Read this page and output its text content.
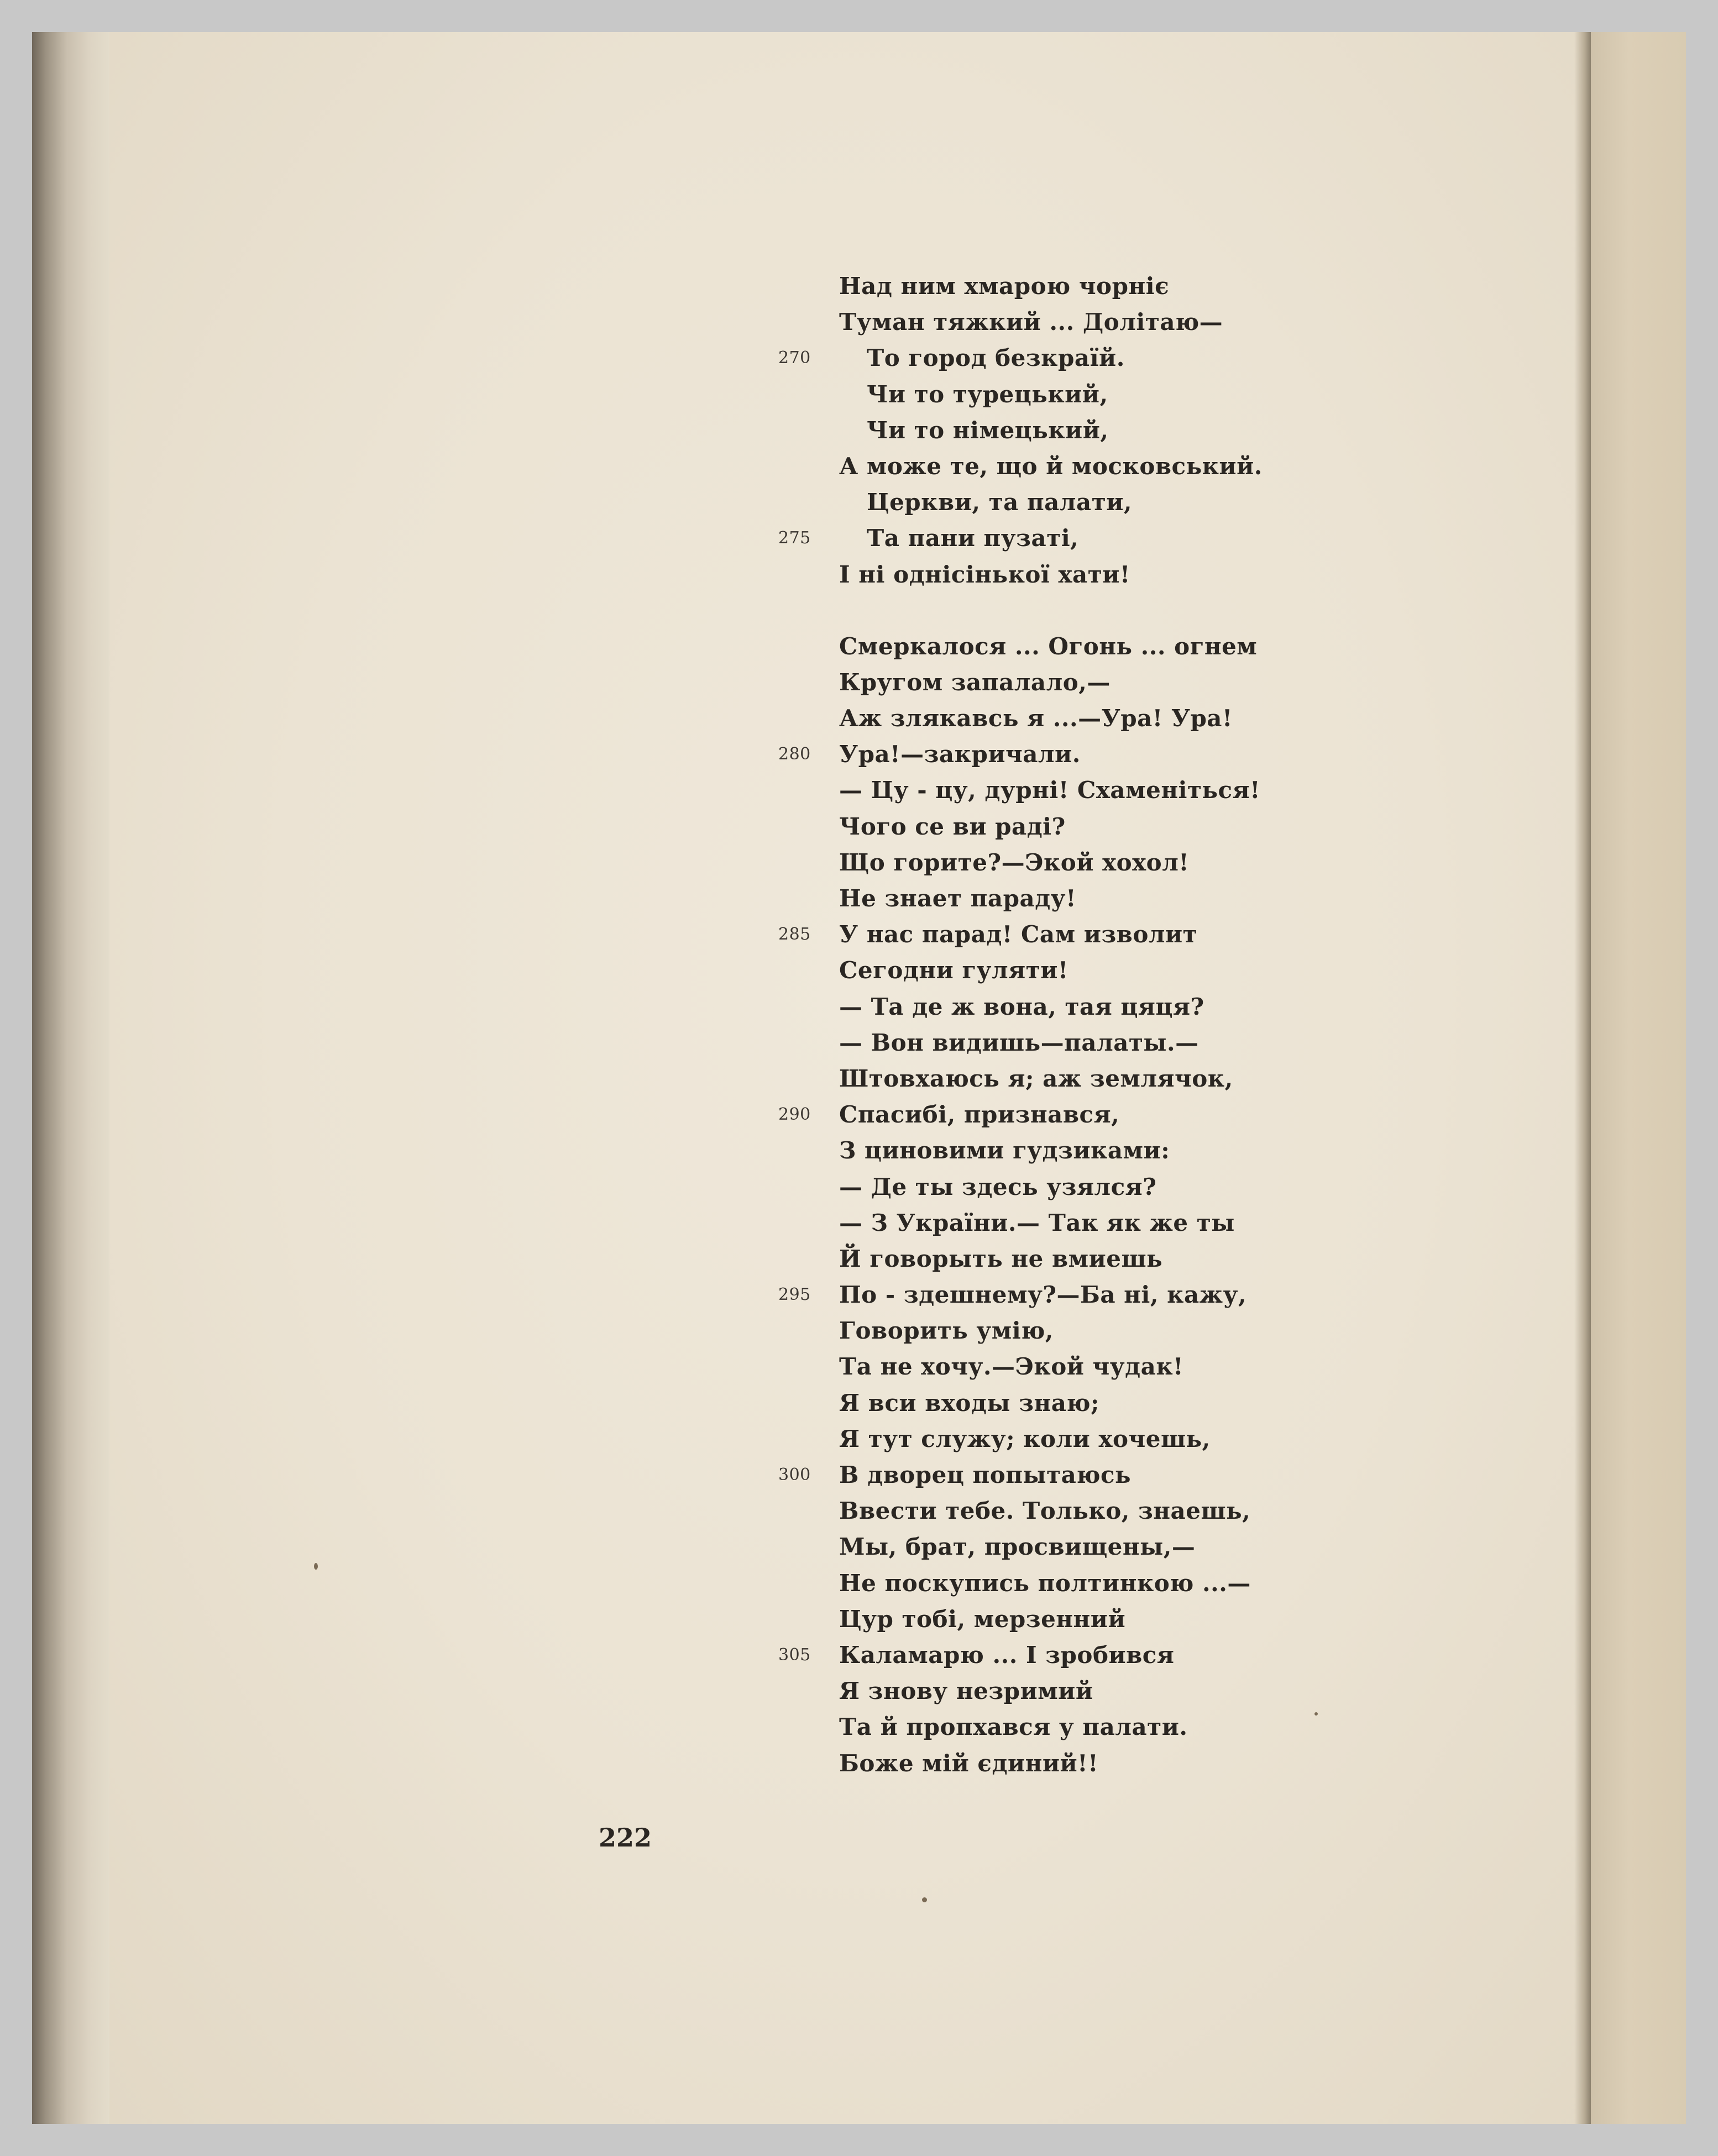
Над ним хмарою чорніє
Туман тяжкий ... Долітаю—
270 То город безкраїй.
Чи то турецький,
Чи то німецький,
А може те, що й московський.
Церкви, та палати,
275 Та пани пузаті,
І ні однісінької хати!
Смеркалося ... Огонь ... огнем
Кругом запалало,—
Аж злякавсь я ...—Ура! Ура!
280 Ура!—закричали.
— Цу - цу, дурні! Схаменіться!
Чого се ви раді?
Що горите?—Экой хохол!
Не знает параду!
285 У нас парад! Сам изволит
Сегодни гуляти!
— Та де ж вона, тая цяця?
— Вон видишь—палаты.—
Штовхаюсь я; аж землячок,
290 Спасибі, признався,
З циновими гудзиками:
— Де ты здесь узялся?
— З України.— Так як же ты
Й говорыть не вмиешь
295 По - здешнему?—Ба ні, кажу,
Говорить умію,
Та не хочу.—Экой чудак!
Я вси входы знаю;
Я тут служу; коли хочешь,
300 В дворец попытаюсь
Ввести тебе. Только, знаешь,
Мы, брат, просвищены,—
Не поскупись полтинкою ...—
Цур тобі, мерзенний
305 Каламарю ... І зробився
Я знову незримий
Та й пропхався у палати.
Боже мій єдиний!!
222
